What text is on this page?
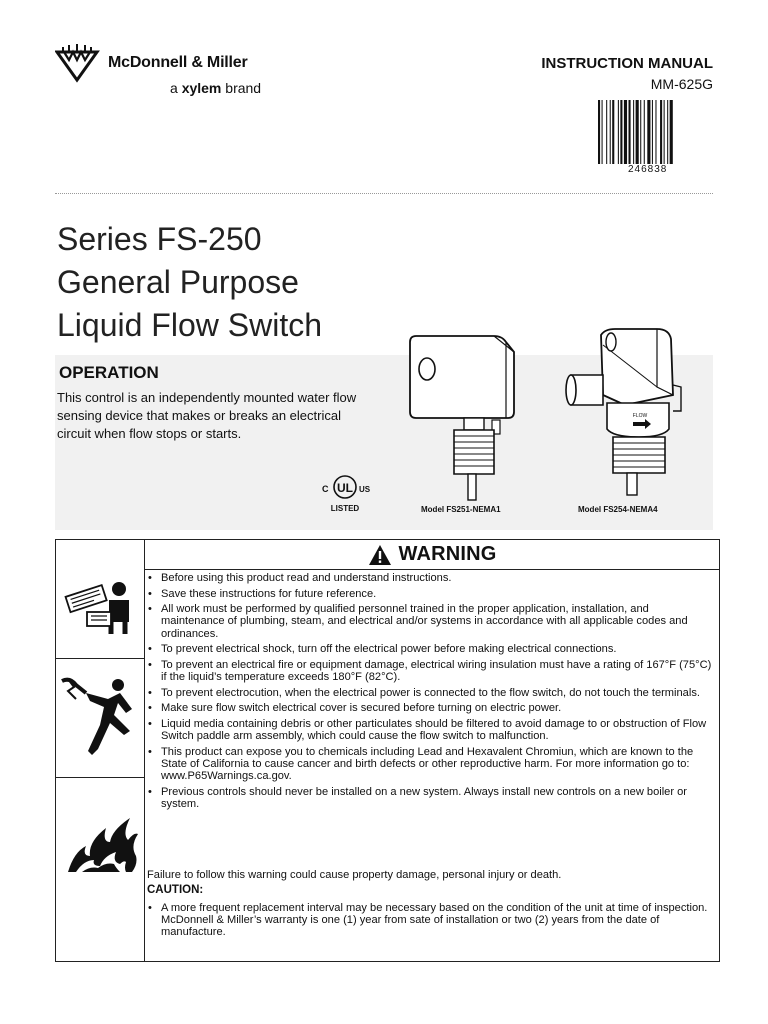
McDonnell & Miller
a xylem brand
INSTRUCTION MANUAL
MM-625G
246838
Series FS-250
General Purpose
Liquid Flow Switch
OPERATION
This control is an independently mounted water flow sensing device that makes or breaks an electrical circuit when flow stops or starts.
UL
C	US
LISTED
FLOW
Model FS251-NEMA1	Model FS254-NEMA4
WARNING
• Before using this product read and understand instructions.
• Save these instructions for future reference.
• All work must be performed by qualified personnel trained in the proper application, installation, and maintenance of plumbing, steam, and electrical and/or systems in accordance with all applicable codes and ordinances.
• To prevent electrical shock, turn off the electrical power before making electrical connections.
• To prevent an electrical fire or equipment damage, electrical wiring insulation must have a rating of 167°F (75°C) if the liquid’s temperature exceeds 180°F (82°C).
• To prevent electrocution, when the electrical power is connected to the flow switch, do not touch the terminals.
• Make sure flow switch electrical cover is secured before turning on electric power.
• Liquid media containing debris or other particulates should be filtered to avoid damage to or obstruction of Flow Switch paddle arm assembly, which could cause the flow switch to malfunction.
• This product can expose you to chemicals including Lead and Hexavalent Chromiun, which are known to the State of California to cause cancer and birth defects or other reproductive harm. For more information go to: www.P65Warnings.ca.gov.
• Previous controls should never be installed on a new system. Always install new controls on a new boiler or system.
Failure to follow this warning could cause property damage, personal injury or death.
CAUTION:
• A more frequent replacement interval may be necessary based on the condition of the unit at time of inspection. McDonnell & Miller’s warranty is one (1) year from sate of installation or two (2) years from the date of manufacture.
